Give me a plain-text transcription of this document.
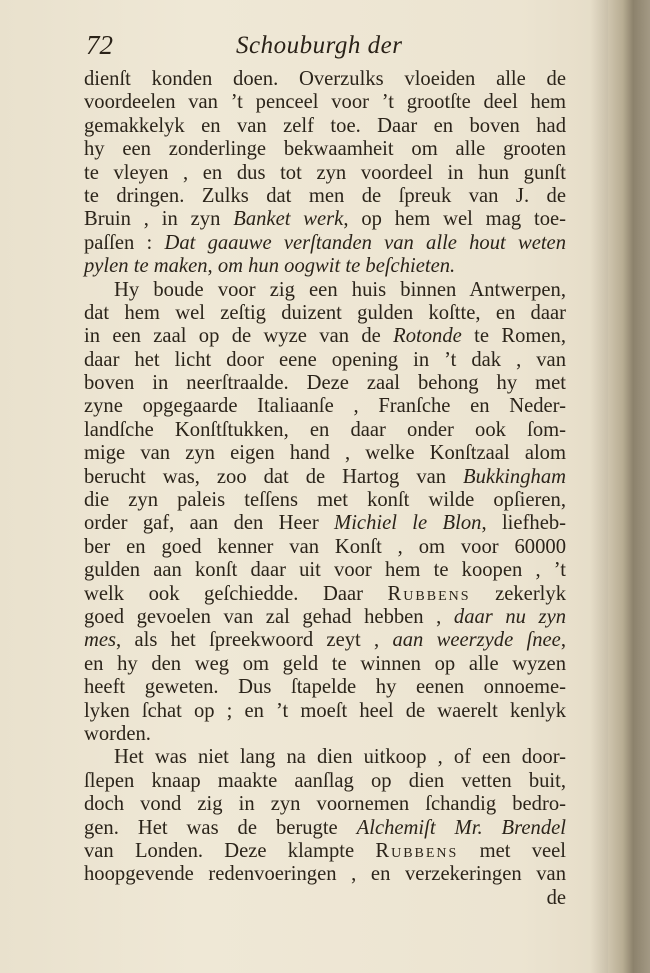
72	Schouburgh der
dienſt konden doen. Overzulks vloeiden alle de
voordeelen van ’t penceel voor ’t grootſte deel hem
gemakkelyk en van zelf toe. Daar en boven had
hy een zonderlinge bekwaamheit om alle grooten
te vleyen , en dus tot zyn voordeel in hun gunſt
te dringen. Zulks dat men de ſpreuk van J. de
Bruin , in zyn Banket werk, op hem wel mag toe-
paſſen : Dat gaauwe verſtanden van alle hout weten
pylen te maken, om hun oogwit te beſchieten.
Hy boude voor zig een huis binnen Antwerpen,
dat hem wel zeſtig duizent gulden koſtte, en daar
in een zaal op de wyze van de Rotonde te Romen,
daar het licht door eene opening in ’t dak , van
boven in neerſtraalde. Deze zaal behong hy met
zyne opgegaarde Italiaanſe , Franſche en Neder-
landſche Konſtſtukken, en daar onder ook ſom-
mige van zyn eigen hand , welke Konſtzaal alom
berucht was, zoo dat de Hartog van Bukkingham
die zyn paleis teſſens met konſt wilde opſieren,
order gaf, aan den Heer Michiel le Blon, liefheb-
ber en goed kenner van Konſt , om voor 60000
gulden aan konſt daar uit voor hem te koopen , ’t
welk ook geſchiedde. Daar Rubbens zekerlyk
goed gevoelen van zal gehad hebben , daar nu zyn
mes, als het ſpreekwoord zeyt , aan weerzyde ſnee,
en hy den weg om geld te winnen op alle wyzen
heeft geweten. Dus ſtapelde hy eenen onnoeme-
lyken ſchat op ; en ’t moeſt heel de waerelt kenlyk
worden.
Het was niet lang na dien uitkoop , of een door-
ſlepen knaap maakte aanſlag op dien vetten buit,
doch vond zig in zyn voornemen ſchandig bedro-
gen. Het was de berugte Alchemiſt Mr. Brendel
van Londen. Deze klampte Rubbens met veel
hoopgevende redenvoeringen , en verzekeringen van
de
